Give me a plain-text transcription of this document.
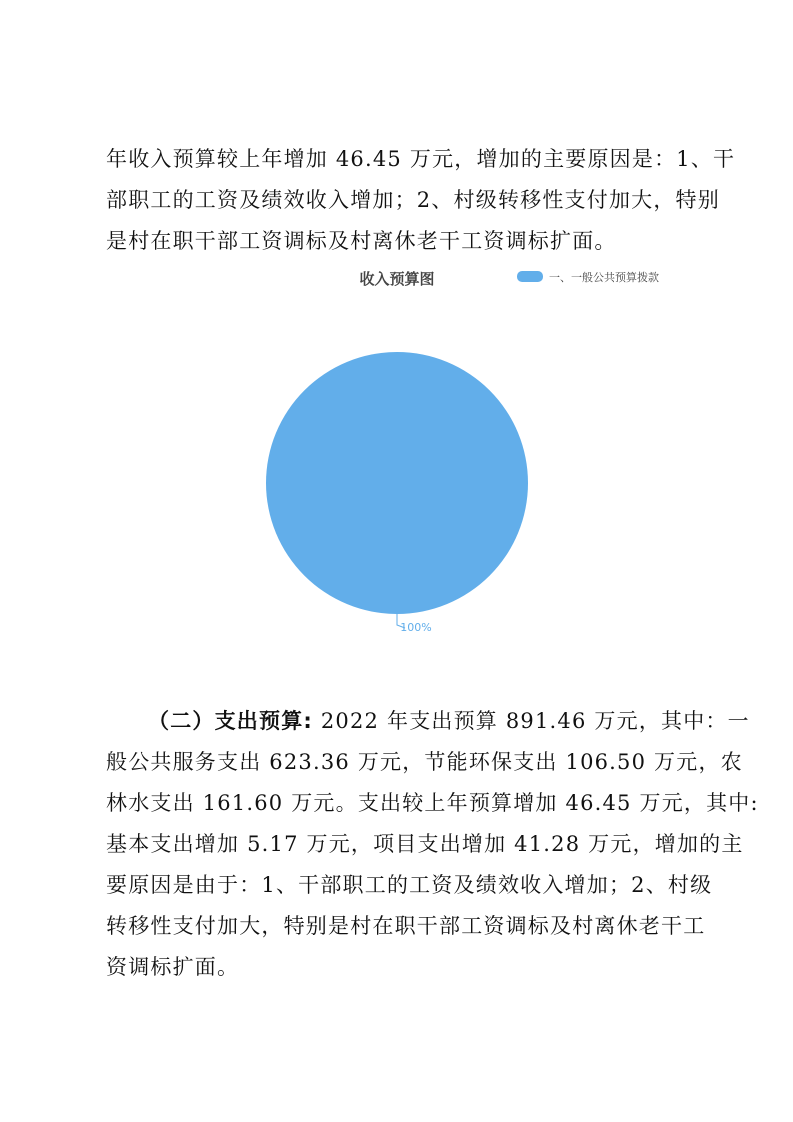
年收入预算较上年增加 46.45 万元，增加的主要原因是：1、干
部职工的工资及绩效收入增加；2、村级转移性支付加大，特别
是村在职干部工资调标及村离休老干工资调标扩面。

收入预算图	一、一般公共预算拨款
100%

（二）支出预算: 2022 年支出预算 891.46 万元，其中：一
般公共服务支出 623.36 万元，节能环保支出 106.50 万元，农
林水支出 161.60 万元。支出较上年预算增加 46.45 万元，其中:
基本支出增加 5.17 万元，项目支出增加 41.28 万元，增加的主
要原因是由于：1、干部职工的工资及绩效收入增加；2、村级
转移性支付加大，特别是村在职干部工资调标及村离休老干工
资调标扩面。
